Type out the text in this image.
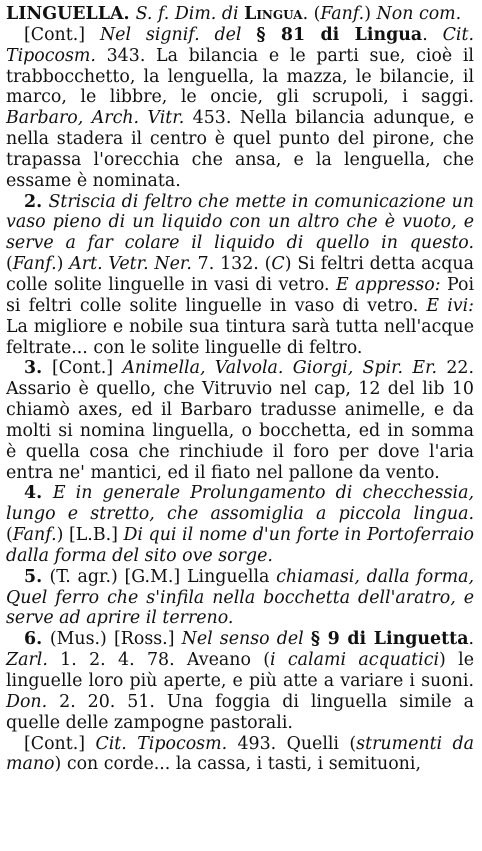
LINGUELLA. S. f. Dim. di Lingua. (Fanf.) Non com.

[Cont.] Nel signif. del § 81 di Lingua. Cit. Tipocosm. 343. La bilancia e le parti sue, cioè il trabbocchetto, la lenguella, la mazza, le bilancie, il marco, le libbre, le oncie, gli scrupoli, i saggi. Barbaro, Arch. Vitr. 453. Nella bilancia adunque, e nella stadera il centro è quel punto del pirone, che trapassa l'orecchia che ansa, e la lenguella, che essame è nominata.

2. Striscia di feltro che mette in comunicazione un vaso pieno di un liquido con un altro che è vuoto, e serve a far colare il liquido di quello in questo. (Fanf.) Art. Vetr. Ner. 7. 132. (C) Si feltri detta acqua colle solite linguelle in vasi di vetro. E appresso: Poi si feltri colle solite linguelle in vaso di vetro. E ivi: La migliore e nobile sua tintura sarà tutta nell'acque feltrate... con le solite linguelle di feltro.

3. [Cont.] Animella, Valvola. Giorgi, Spir. Er. 22. Assario è quello, che Vitruvio nel cap, 12 del lib 10 chiamò axes, ed il Barbaro tradusse animelle, e da molti si nomina linguella, o bocchetta, ed in somma è quella cosa che rinchiude il foro per dove l'aria entra ne' mantici, ed il fiato nel pallone da vento.

4. E in generale Prolungamento di checchessia, lungo e stretto, che assomiglia a piccola lingua. (Fanf.) [L.B.] Di qui il nome d'un forte in Portoferraio dalla forma del sito ove sorge.

5. (T. agr.) [G.M.] Linguella chiamasi, dalla forma, Quel ferro che s'infila nella bocchetta dell'aratro, e serve ad aprire il terreno.

6. (Mus.) [Ross.] Nel senso del § 9 di Linguetta. Zarl. 1. 2. 4. 78. Aveano (i calami acquatici) le linguelle loro più aperte, e più atte a variare i suoni. Don. 2. 20. 51. Una foggia di linguella simile a quelle delle zampogne pastorali.

[Cont.] Cit. Tipocosm. 493. Quelli (strumenti da mano) con corde... la cassa, i tasti, i semituoni,
